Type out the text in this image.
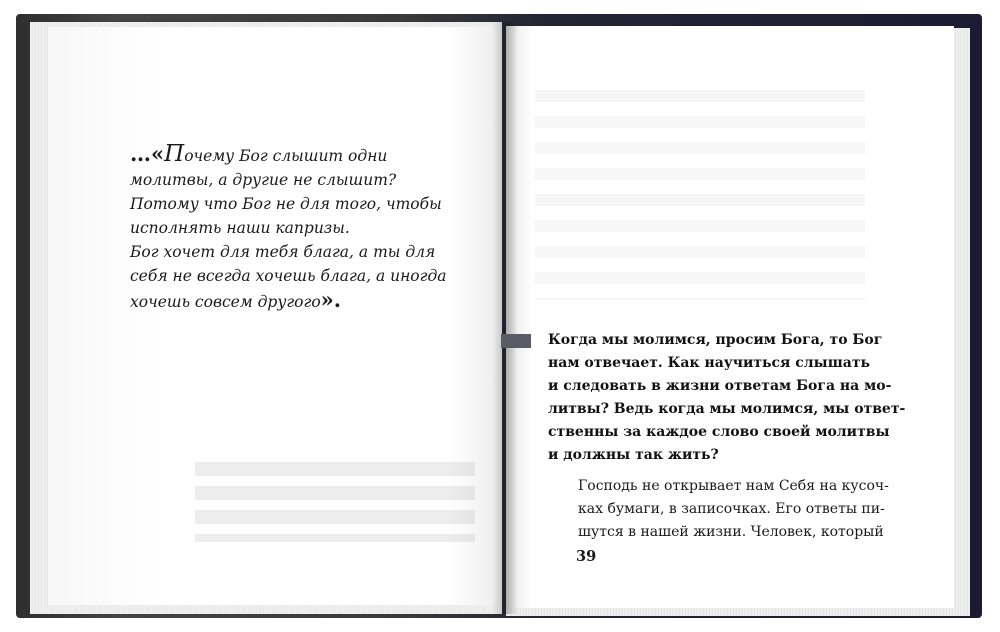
…«Почему Бог слышит одни
молитвы, а другие не слышит?
Потому что Бог не для того, чтобы
исполнять наши капризы.
Бог хочет для тебя блага, а ты для
себя не всегда хочешь блага, а иногда
хочешь совсем другого».

Когда мы молимся, просим Бога, то Бог
нам отвечает. Как научиться слышать
и следовать в жизни ответам Бога на мо-
литвы? Ведь когда мы молимся, мы ответ-
ственны за каждое слово своей молитвы
и должны так жить?
Господь не открывает нам Себя на кусоч-
ках бумаги, в записочках. Его ответы пи-
шутся в нашей жизни. Человек, который
39
